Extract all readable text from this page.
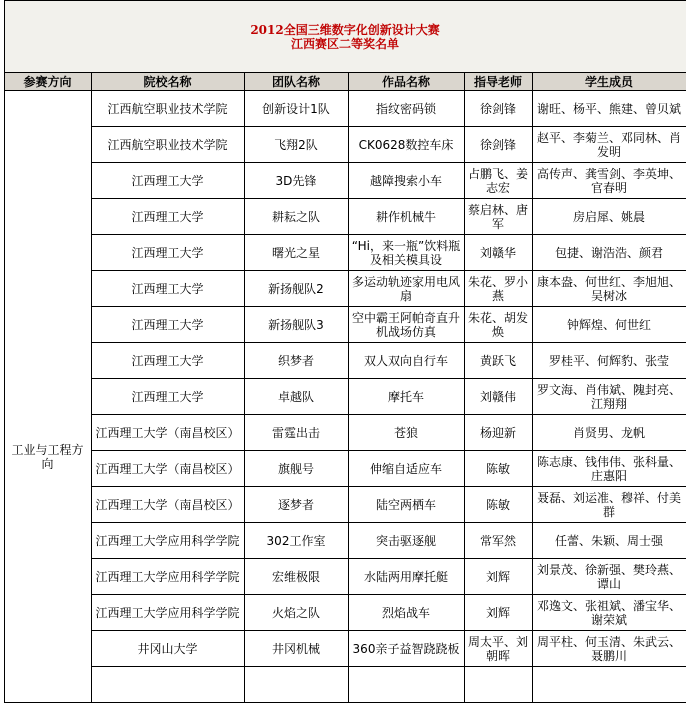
	2012全国三维数字化创新设计大赛
江西赛区二等奖名单					

	参赛方向	院校名称	团队名称	作品名称	指导老师	学生成员
	工业与工程方向	江西航空职业技术学院	创新设计1队	指纹密码锁	徐剑锋	谢旺、杨平、熊建、曾贝斌
		江西航空职业技术学院	飞翔2队	CK0628数控车床	徐剑锋	赵平、李菊兰、邓同林、肖发明
		江西理工大学	3D先锋	越障搜索小车	占鹏飞、姜志宏	高传声、龚雪剑、李英坤、官春明
		江西理工大学	耕耘之队	耕作机械牛	蔡启林、唐军	房启犀、姚晨
		江西理工大学	曙光之星	“Hi，来一瓶”饮料瓶及相关模具设	刘赣华	包捷、谢浩浩、颜君
		江西理工大学	新扬舰队2	多运动轨迹家用电风扇	朱花、罗小燕	康本盎、何世红、李旭旭、吴树冰
		江西理工大学	新扬舰队3	空中霸王阿帕奇直升机战场仿真	朱花、胡发焕	钟辉煌、何世红
		江西理工大学	织梦者	双人双向自行车	黄跃飞	罗桂平、何辉豹、张莹
		江西理工大学	卓越队	摩托车	刘赣伟	罗文海、肖伟斌、隗封亮、江翔翔
		江西理工大学（南昌校区）	雷霆出击	苍狼	杨迎新	肖贤男、龙帆
		江西理工大学（南昌校区）	旗舰号	伸缩自适应车	陈敏	陈志康、钱伟伟、张科量、庄惠阳
		江西理工大学（南昌校区）	逐梦者	陆空两栖车	陈敏	聂磊、刘运准、穆祥、付美群
		江西理工大学应用科学学院	302工作室	突击驱逐舰	常军然	任蕾、朱颖、周士强
		江西理工大学应用科学学院	宏维极限	水陆两用摩托艇	刘辉	刘景茂、徐新强、樊玲燕、谭山
		江西理工大学应用科学学院	火焰之队	烈焰战车	刘辉	邓逸文、张祖斌、潘宝华、谢荣斌
		井冈山大学	井冈机械	360亲子益智跷跷板	周太平、刘朝晖	周平柱、何玉清、朱武云、聂鹏川
